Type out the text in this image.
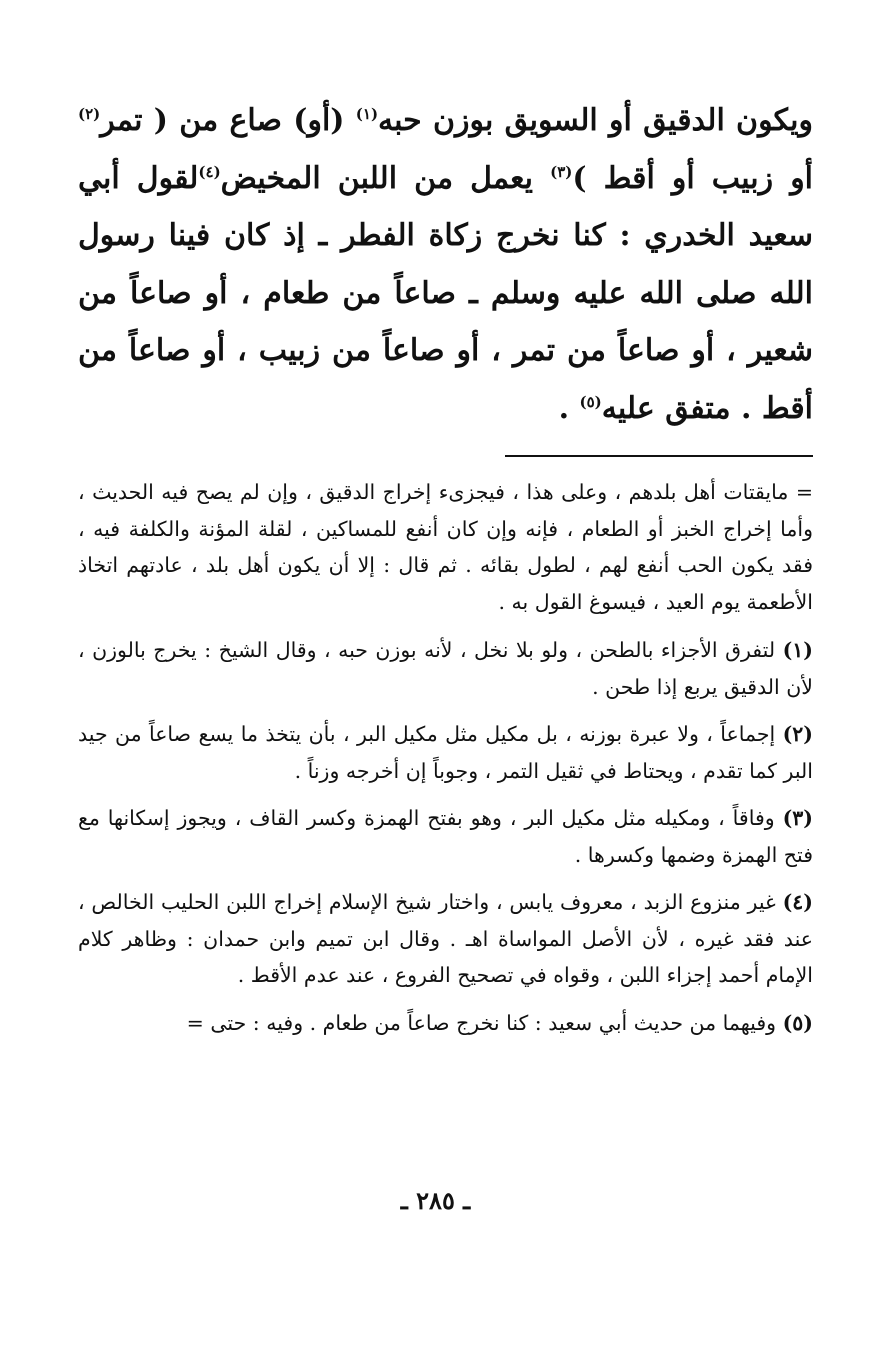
ويكون الدقيق أو السويق بوزن حبه$^{(١)}$ (أو) صاع من ( تمر$^{(٢)}$ أو زبيب أو أقط )$^{(٣)}$ يعمل من اللبن المخيض$^{(٤)}$لقول أبي سعيد الخدري : كنا نخرج زكاة الفطر ـ إذ كان فينا رسول الله صلى الله عليه وسلم ـ صاعاً من طعام ، أو صاعاً من شعير ، أو صاعاً من تمر ، أو صاعاً من زبيب ، أو صاعاً من أقط . متفق عليه$^{(٥)}$ .

= مايقتات أهل بلدهم ، وعلى هذا ، فيجزىء إخراج الدقيق ، وإن لم يصح فيه الحديث ، وأما إخراج الخبز أو الطعام ، فإنه وإن كان أنفع للمساكين ، لقلة المؤنة والكلفة فيه ، فقد يكون الحب أنفع لهم ، لطول بقائه . ثم قال : إلا أن يكون أهل بلد ، عادتهم اتخاذ الأطعمة يوم العيد ، فيسوغ القول به .

(١) لتفرق الأجزاء بالطحن ، ولو بلا نخل ، لأنه بوزن حبه ، وقال الشيخ : يخرج بالوزن ، لأن الدقيق يربع إذا طحن .

(٢) إجماعاً ، ولا عبرة بوزنه ، بل مكيل مثل مكيل البر ، بأن يتخذ ما يسع صاعاً من جيد البر كما تقدم ، ويحتاط في ثقيل التمر ، وجوباً إن أخرجه وزناً .

(٣) وفاقاً ، ومكيله مثل مكيل البر ، وهو بفتح الهمزة وكسر القاف ، ويجوز إسكانها مع فتح الهمزة وضمها وكسرها .

(٤) غير منزوع الزبد ، معروف يابس ، واختار شيخ الإسلام إخراج اللبن الحليب الخالص ، عند فقد غيره ، لأن الأصل المواساة اهـ . وقال ابن تميم وابن حمدان : وظاهر كلام الإمام أحمد إجزاء اللبن ، وقواه في تصحيح الفروع ، عند عدم الأقط .

(٥) وفيهما من حديث أبي سعيد : كنا نخرج صاعاً من طعام . وفيه : حتى =

ـ ٢٨٥ ـ
